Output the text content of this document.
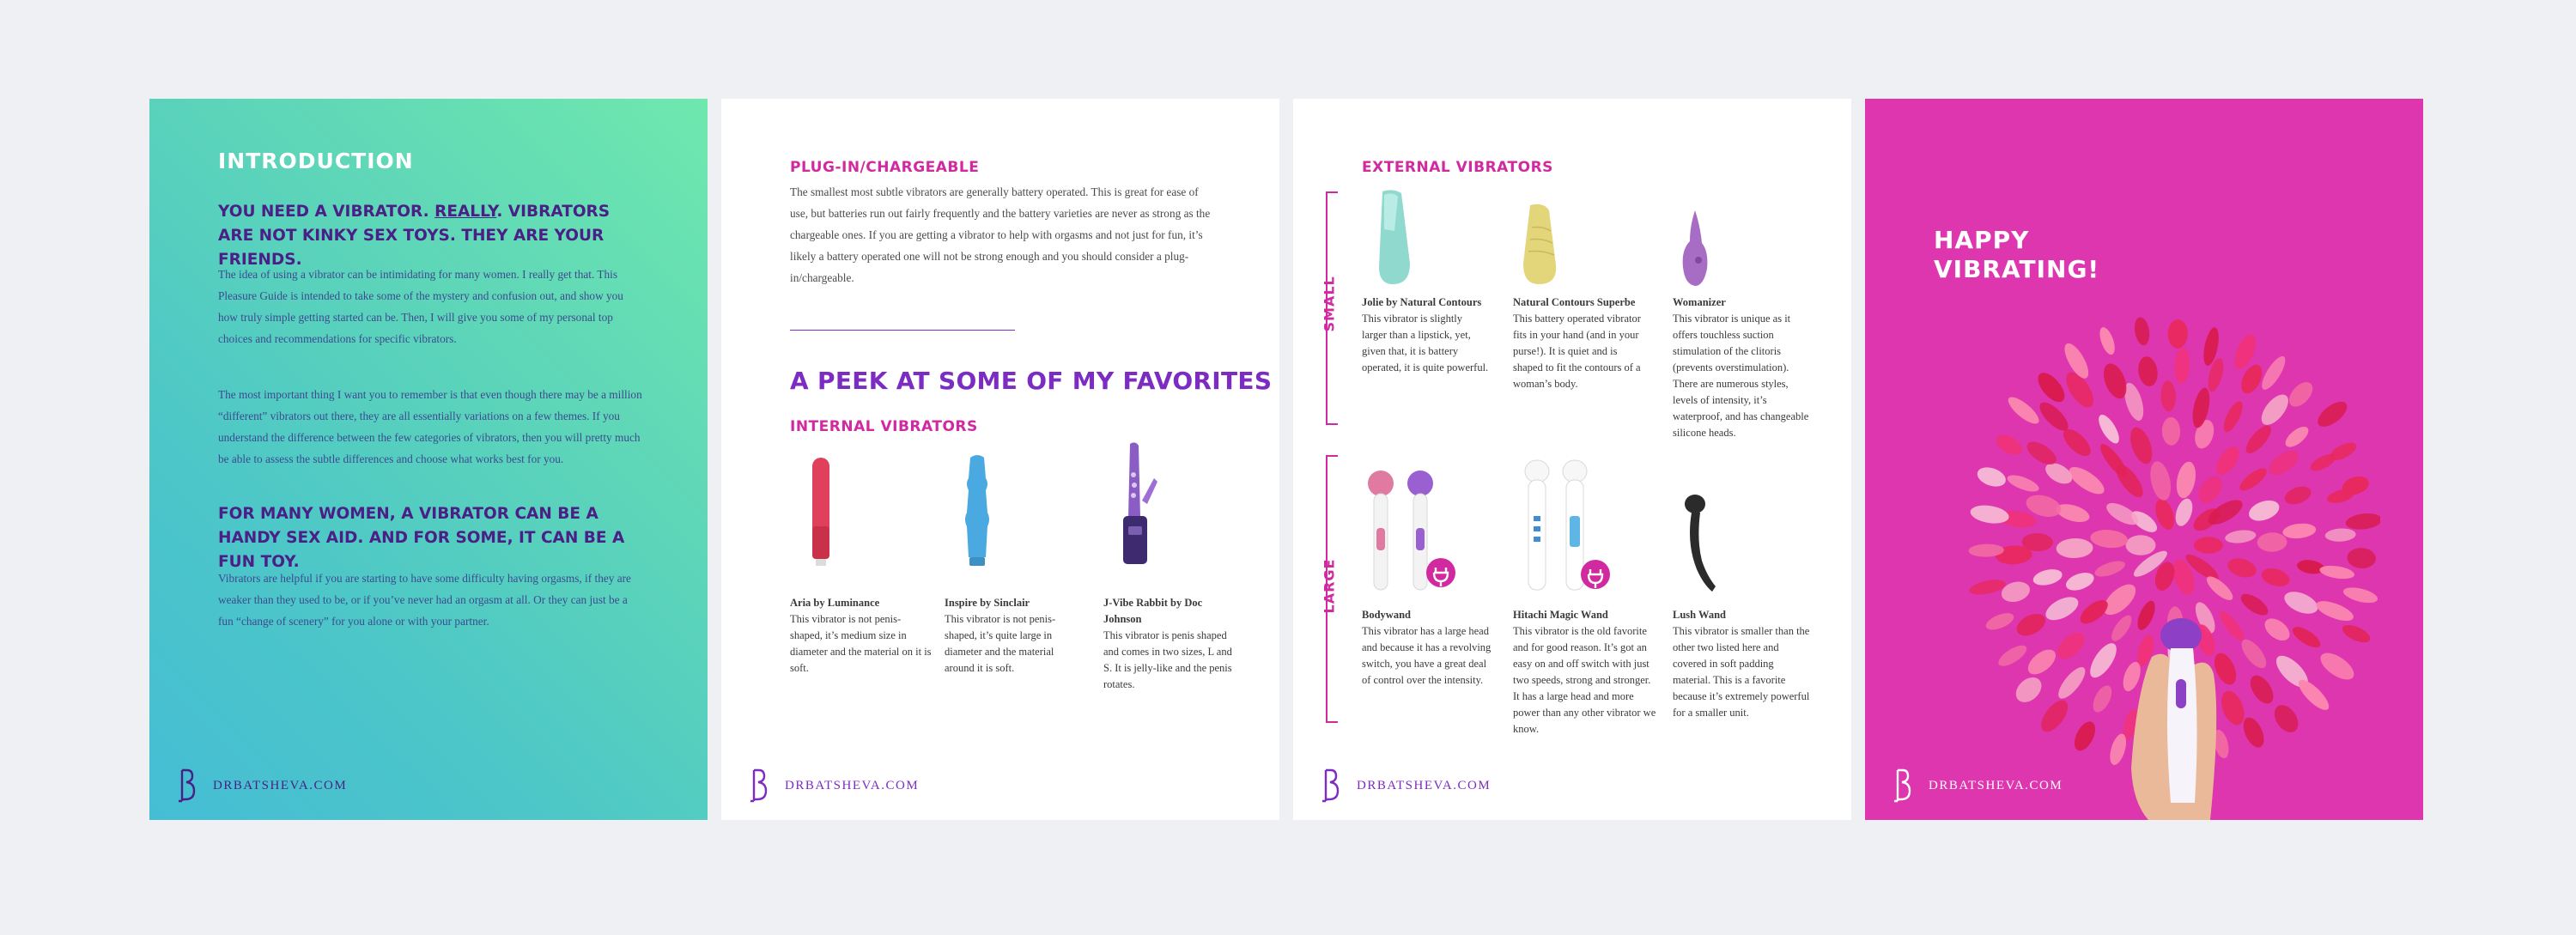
INTRODUCTION
YOU NEED A VIBRATOR. REALLY. VIBRATORS ARE NOT KINKY SEX TOYS. THEY ARE YOUR FRIENDS.
The idea of using a vibrator can be intimidating for many women. I really get that. This Pleasure Guide is intended to take some of the mystery and confusion out, and show you how truly simple getting started can be. Then, I will give you some of my personal top choices and recommendations for specific vibrators.
The most important thing I want you to remember is that even though there may be a million “different” vibrators out there, they are all essentially variations on a few themes. If you understand the difference between the few categories of vibrators, then you will pretty much be able to assess the subtle differences and choose what works best for you.
FOR MANY WOMEN, A VIBRATOR CAN BE A HANDY SEX AID. AND FOR SOME, IT CAN BE A FUN TOY.
Vibrators are helpful if you are starting to have some difficulty having orgasms, if they are weaker than they used to be, or if you’ve never had an orgasm at all. Or they can just be a fun “change of scenery” for you alone or with your partner.
DRBATSHEVA.COM
PLUG-IN/CHARGEABLE
The smallest most subtle vibrators are generally battery operated. This is great for ease of use, but batteries run out fairly frequently and the battery varieties are never as strong as the chargeable ones. If you are getting a vibrator to help with orgasms and not just for fun, it’s likely a battery operated one will not be strong enough and you should consider a plug-in/chargeable.
A PEEK AT SOME OF MY FAVORITES
INTERNAL VIBRATORS
Aria by Luminance
This vibrator is not penis-shaped, it’s medium size in diameter and the material on it is soft.
Inspire by Sinclair
This vibrator is not penis-shaped, it’s quite large in diameter and the material around it is soft.
J-Vibe Rabbit by Doc Johnson
This vibrator is penis shaped and comes in two sizes, L and S. It is jelly-like and the penis rotates.
DRBATSHEVA.COM
EXTERNAL VIBRATORS
SMALL
LARGE
Jolie by Natural Contours
This vibrator is slightly larger than a lipstick, yet, given that, it is battery operated, it is quite powerful.
Natural Contours Superbe
This battery operated vibrator fits in your hand (and in your purse!). It is quiet and is shaped to fit the contours of a woman’s body.
Womanizer
This vibrator is unique as it offers touchless suction stimulation of the clitoris (prevents overstimulation). There are numerous styles, levels of intensity, it’s waterproof, and has changeable silicone heads.
Bodywand
This vibrator has a large head and because it has a revolving switch, you have a great deal of control over the intensity.
Hitachi Magic Wand
This vibrator is the old favorite and for good reason. It’s got an easy on and off switch with just two speeds, strong and stronger. It has a large head and more power than any other vibrator we know.
Lush Wand
This vibrator is smaller than the other two listed here and covered in soft padding material. This is a favorite because it’s extremely powerful for a smaller unit.
DRBATSHEVA.COM
HAPPY
VIBRATING!
DRBATSHEVA.COM
